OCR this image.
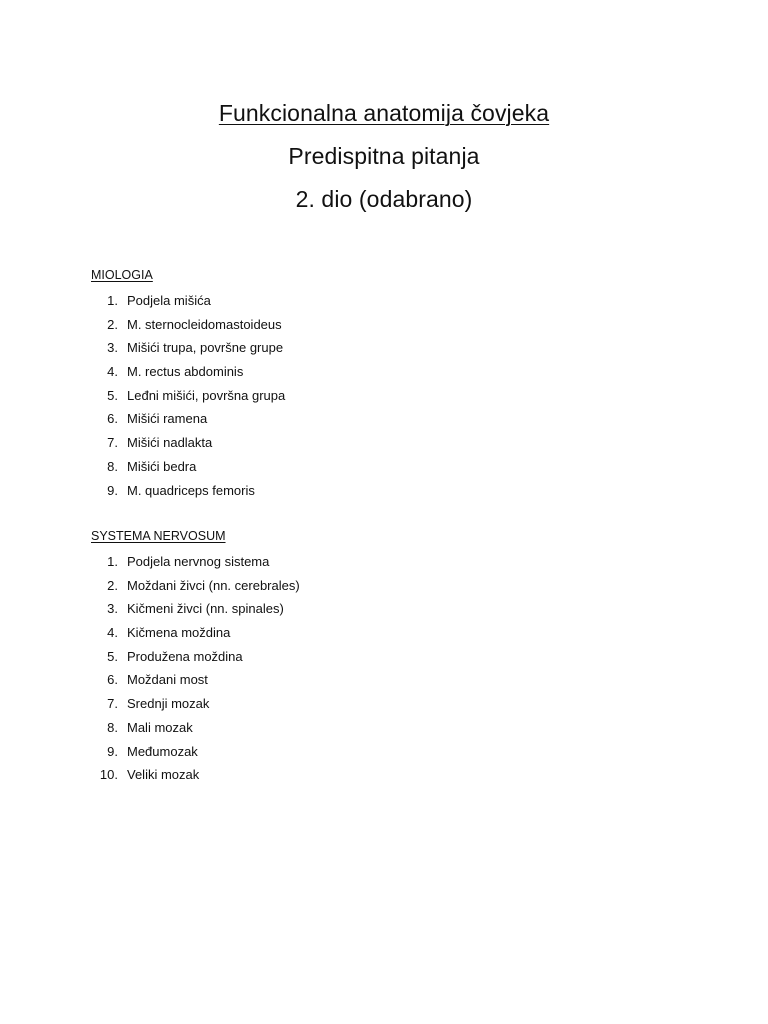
Funkcionalna anatomija čovjeka
Predispitna pitanja
2. dio (odabrano)
MIOLOGIA
1. Podjela mišića
2. M. sternocleidomastoideus
3. Mišići trupa, površne grupe
4. M. rectus abdominis
5. Leđni mišići, površna grupa
6. Mišići ramena
7. Mišići nadlakta
8. Mišići bedra
9. M. quadriceps femoris
SYSTEMA NERVOSUM
1. Podjela nervnog sistema
2. Moždani živci (nn. cerebrales)
3. Kičmeni živci (nn. spinales)
4. Kičmena moždina
5. Produžena moždina
6. Moždani most
7. Srednji mozak
8. Mali mozak
9. Međumozak
10. Veliki mozak
